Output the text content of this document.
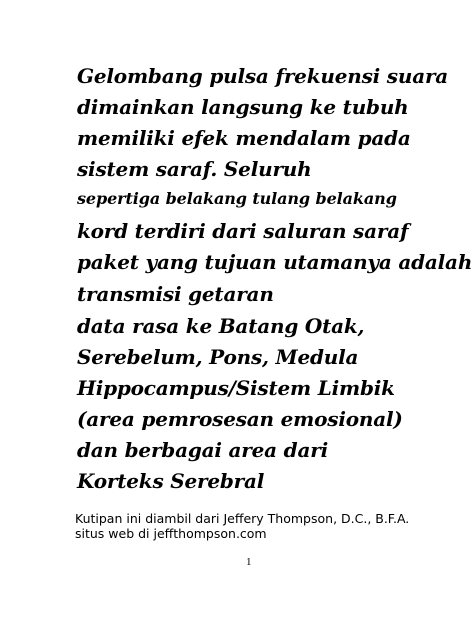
Gelombang pulsa frekuensi suara
dimainkan langsung ke tubuh
memiliki efek mendalam pada
sistem saraf. Seluruh
sepertiga belakang tulang belakang
kord terdiri dari saluran saraf
paket yang tujuan utamanya adalah
transmisi getaran
data rasa ke Batang Otak,
Serebelum, Pons, Medula
Hippocampus/Sistem Limbik
(area pemrosesan emosional)
dan berbagai area dari
Korteks Serebral
Kutipan ini diambil dari Jeffery Thompson, D.C., B.F.A.
situs web di jeffthompson.com
1
